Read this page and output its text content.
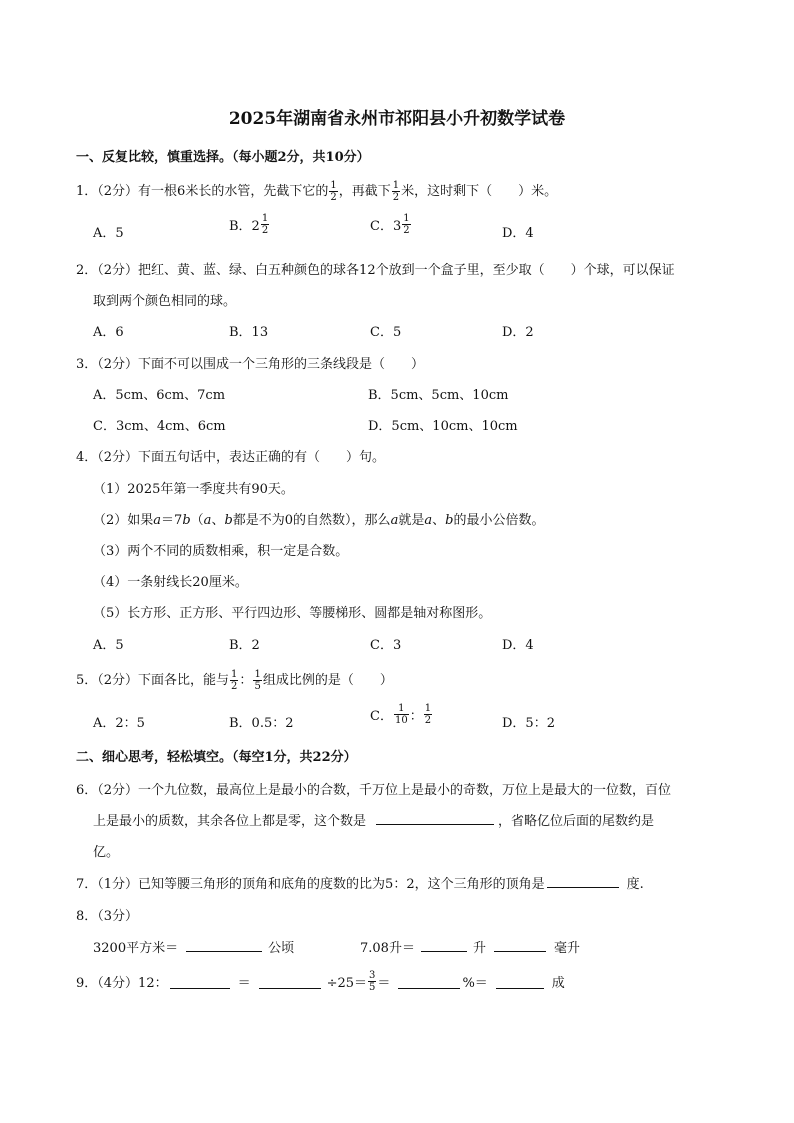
2025年湖南省永州市祁阳县小升初数学试卷
一、反复比较，慎重选择。（每小题2分，共10分）
1．（2分）有一根6米长的水管，先截下它的 $\frac{1}{2}$ ，再截下 $\frac{1}{2}$ 米，这时剩下（　　）米。
A．5	B．$2 \frac{1}{2}$	C．$3 \frac{1}{2}$	D．4
2．（2分）把红、黄、蓝、绿、白五种颜色的球各12个放到一个盒子里，至少取（　　）个球，可以保证
取到两个颜色相同的球。
A．6	B．13	C．5	D．2
3．（2分）下面不可以围成一个三角形的三条线段是（　　）
A．5cm、6cm、7cm	B．5cm、5cm、10cm
C．3cm、4cm、6cm	D．5cm、10cm、10cm
4．（2分）下面五句话中，表达正确的有（　　）句。
（1）2025年第一季度共有90天。
（2）如果a＝7b（a、b都是不为0的自然数），那么a就是a、b的最小公倍数。
（3）两个不同的质数相乘，积一定是合数。
（4）一条射线长20厘米。
（5）长方形、正方形、平行四边形、等腰梯形、圆都是轴对称图形。
A．5	B．2	C．3	D．4
5．（2分）下面各比，能与 $\frac{1}{2}$ ： $\frac{1}{5}$ 组成比例的是（　　）
A．2：5	B．0.5：2	C． $\frac{1}{10}$ ： $\frac{1}{2}$	D．5：2
二、细心思考，轻松填空。（每空1分，共22分）
6．（2分）一个九位数，最高位上是最小的合数，千万位上是最小的奇数，万位上是最大的一位数，百位
上是最小的质数，其余各位上都是零，这个数是	，省略亿位后面的尾数约是
亿。
7．（1分）已知等腰三角形的顶角和底角的度数的比为5：2，这个三角形的顶角是	度.
8．（3分）
3200平方米＝	公顷	7.08升＝	升	毫升
9．（4分）12：	＝	$\div 25= \frac{3}{5}$ ＝	%＝	成
